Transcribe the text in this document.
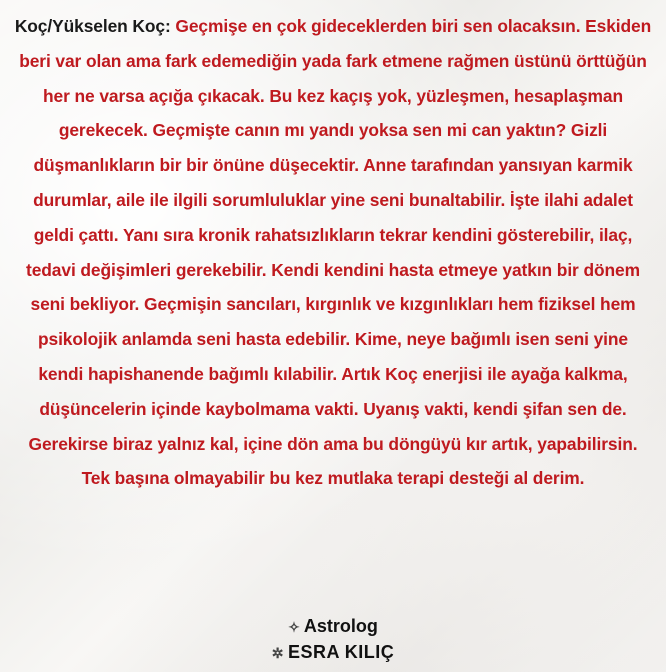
Koç/Yükselen Koç: Geçmişe en çok gideceklerden biri sen olacaksın. Eskiden beri var olan ama fark edemediğin yada fark etmene rağmen üstünü örttüğün her ne varsa açığa çıkacak. Bu kez kaçış yok, yüzleşmen, hesaplaşman gerekecek. Geçmişte canın mı yandı yoksa sen mi can yaktın? Gizli düşmanlıkların bir bir önüne düşecektir. Anne tarafından yansıyan karmik durumlar, aile ile ilgili sorumluluklar yine seni bunaltabilir. İşte ilahi adalet geldi çattı. Yanı sıra kronik rahatsızlıkların tekrar kendini gösterebilir, ilaç, tedavi değişimleri gerekebilir. Kendi kendini hasta etmeye yatkın bir dönem seni bekliyor. Geçmişin sancıları, kırgınlık ve kızgınlıkları hem fiziksel hem psikolojik anlamda seni hasta edebilir. Kime, neye bağımlı isen seni yine kendi hapishanende bağımlı kılabilir. Artık Koç enerjisi ile ayağa kalkma, düşüncelerin içinde kaybolmama vakti. Uyanış vakti, kendi şifan sen de. Gerekirse biraz yalnız kal, içine dön ama bu döngüyü kır artık, yapabilirsin. Tek başına olmayabilir bu kez mutlaka terapi desteği al derim.
✧ Astrolog
✲ ESRA KILIÇ
